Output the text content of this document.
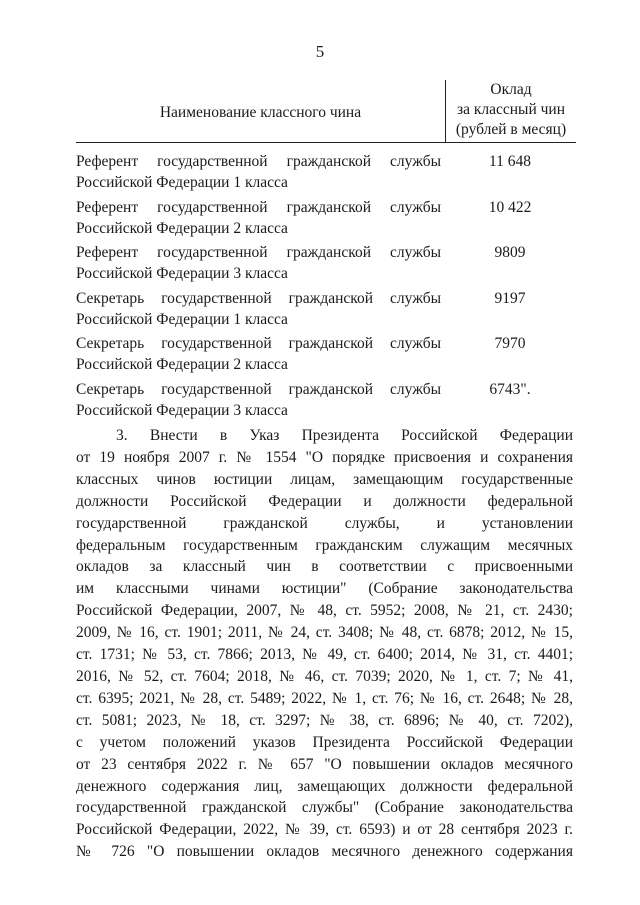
5
Наименование классного чина
Оклад
за классный чин
(рублей в месяц)
Референт государственной гражданской службы
Российской Федерации 1 класса
11 648
Референт государственной гражданской службы
Российской Федерации 2 класса
10 422
Референт государственной гражданской службы
Российской Федерации 3 класса
9809
Секретарь государственной гражданской службы
Российской Федерации 1 класса
9197
Секретарь государственной гражданской службы
Российской Федерации 2 класса
7970
Секретарь государственной гражданской службы
Российской Федерации 3 класса
6743".
3. Внести в Указ Президента Российской Федерации
от 19 ноября 2007 г. № 1554 "О порядке присвоения и сохранения
классных чинов юстиции лицам, замещающим государственные
должности Российской Федерации и должности федеральной
государственной гражданской службы, и установлении
федеральным государственным гражданским служащим месячных
окладов за классный чин в соответствии с присвоенными
им классными чинами юстиции" (Собрание законодательства
Российской Федерации, 2007, № 48, ст. 5952; 2008, № 21, ст. 2430;
2009, № 16, ст. 1901; 2011, № 24, ст. 3408; № 48, ст. 6878; 2012, № 15,
ст. 1731; № 53, ст. 7866; 2013, № 49, ст. 6400; 2014, № 31, ст. 4401;
2016, № 52, ст. 7604; 2018, № 46, ст. 7039; 2020, № 1, ст. 7; № 41,
ст. 6395; 2021, № 28, ст. 5489; 2022, № 1, ст. 76; № 16, ст. 2648; № 28,
ст. 5081; 2023, № 18, ст. 3297; № 38, ст. 6896; № 40, ст. 7202),
с учетом положений указов Президента Российской Федерации
от 23 сентября 2022 г. № 657 "О повышении окладов месячного
денежного содержания лиц, замещающих должности федеральной
государственной гражданской службы" (Собрание законодательства
Российской Федерации, 2022, № 39, ст. 6593) и от 28 сентября 2023 г.
№ 726 "О повышении окладов месячного денежного содержания
